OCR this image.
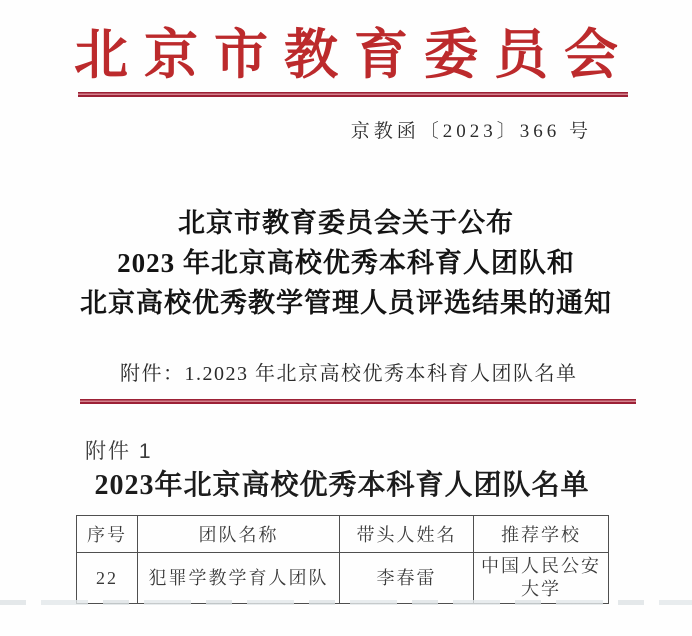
北京市教育委员会
京教函〔2023〕366 号
北京市教育委员会关于公布
2023 年北京高校优秀本科育人团队和
北京高校优秀教学管理人员评选结果的通知
附件：1.2023 年北京高校优秀本科育人团队名单
附件 1
2023年北京高校优秀本科育人团队名单
序号	团队名称	带头人姓名	推荐学校
22	犯罪学教学育人团队	李春雷	中国人民公安大学
